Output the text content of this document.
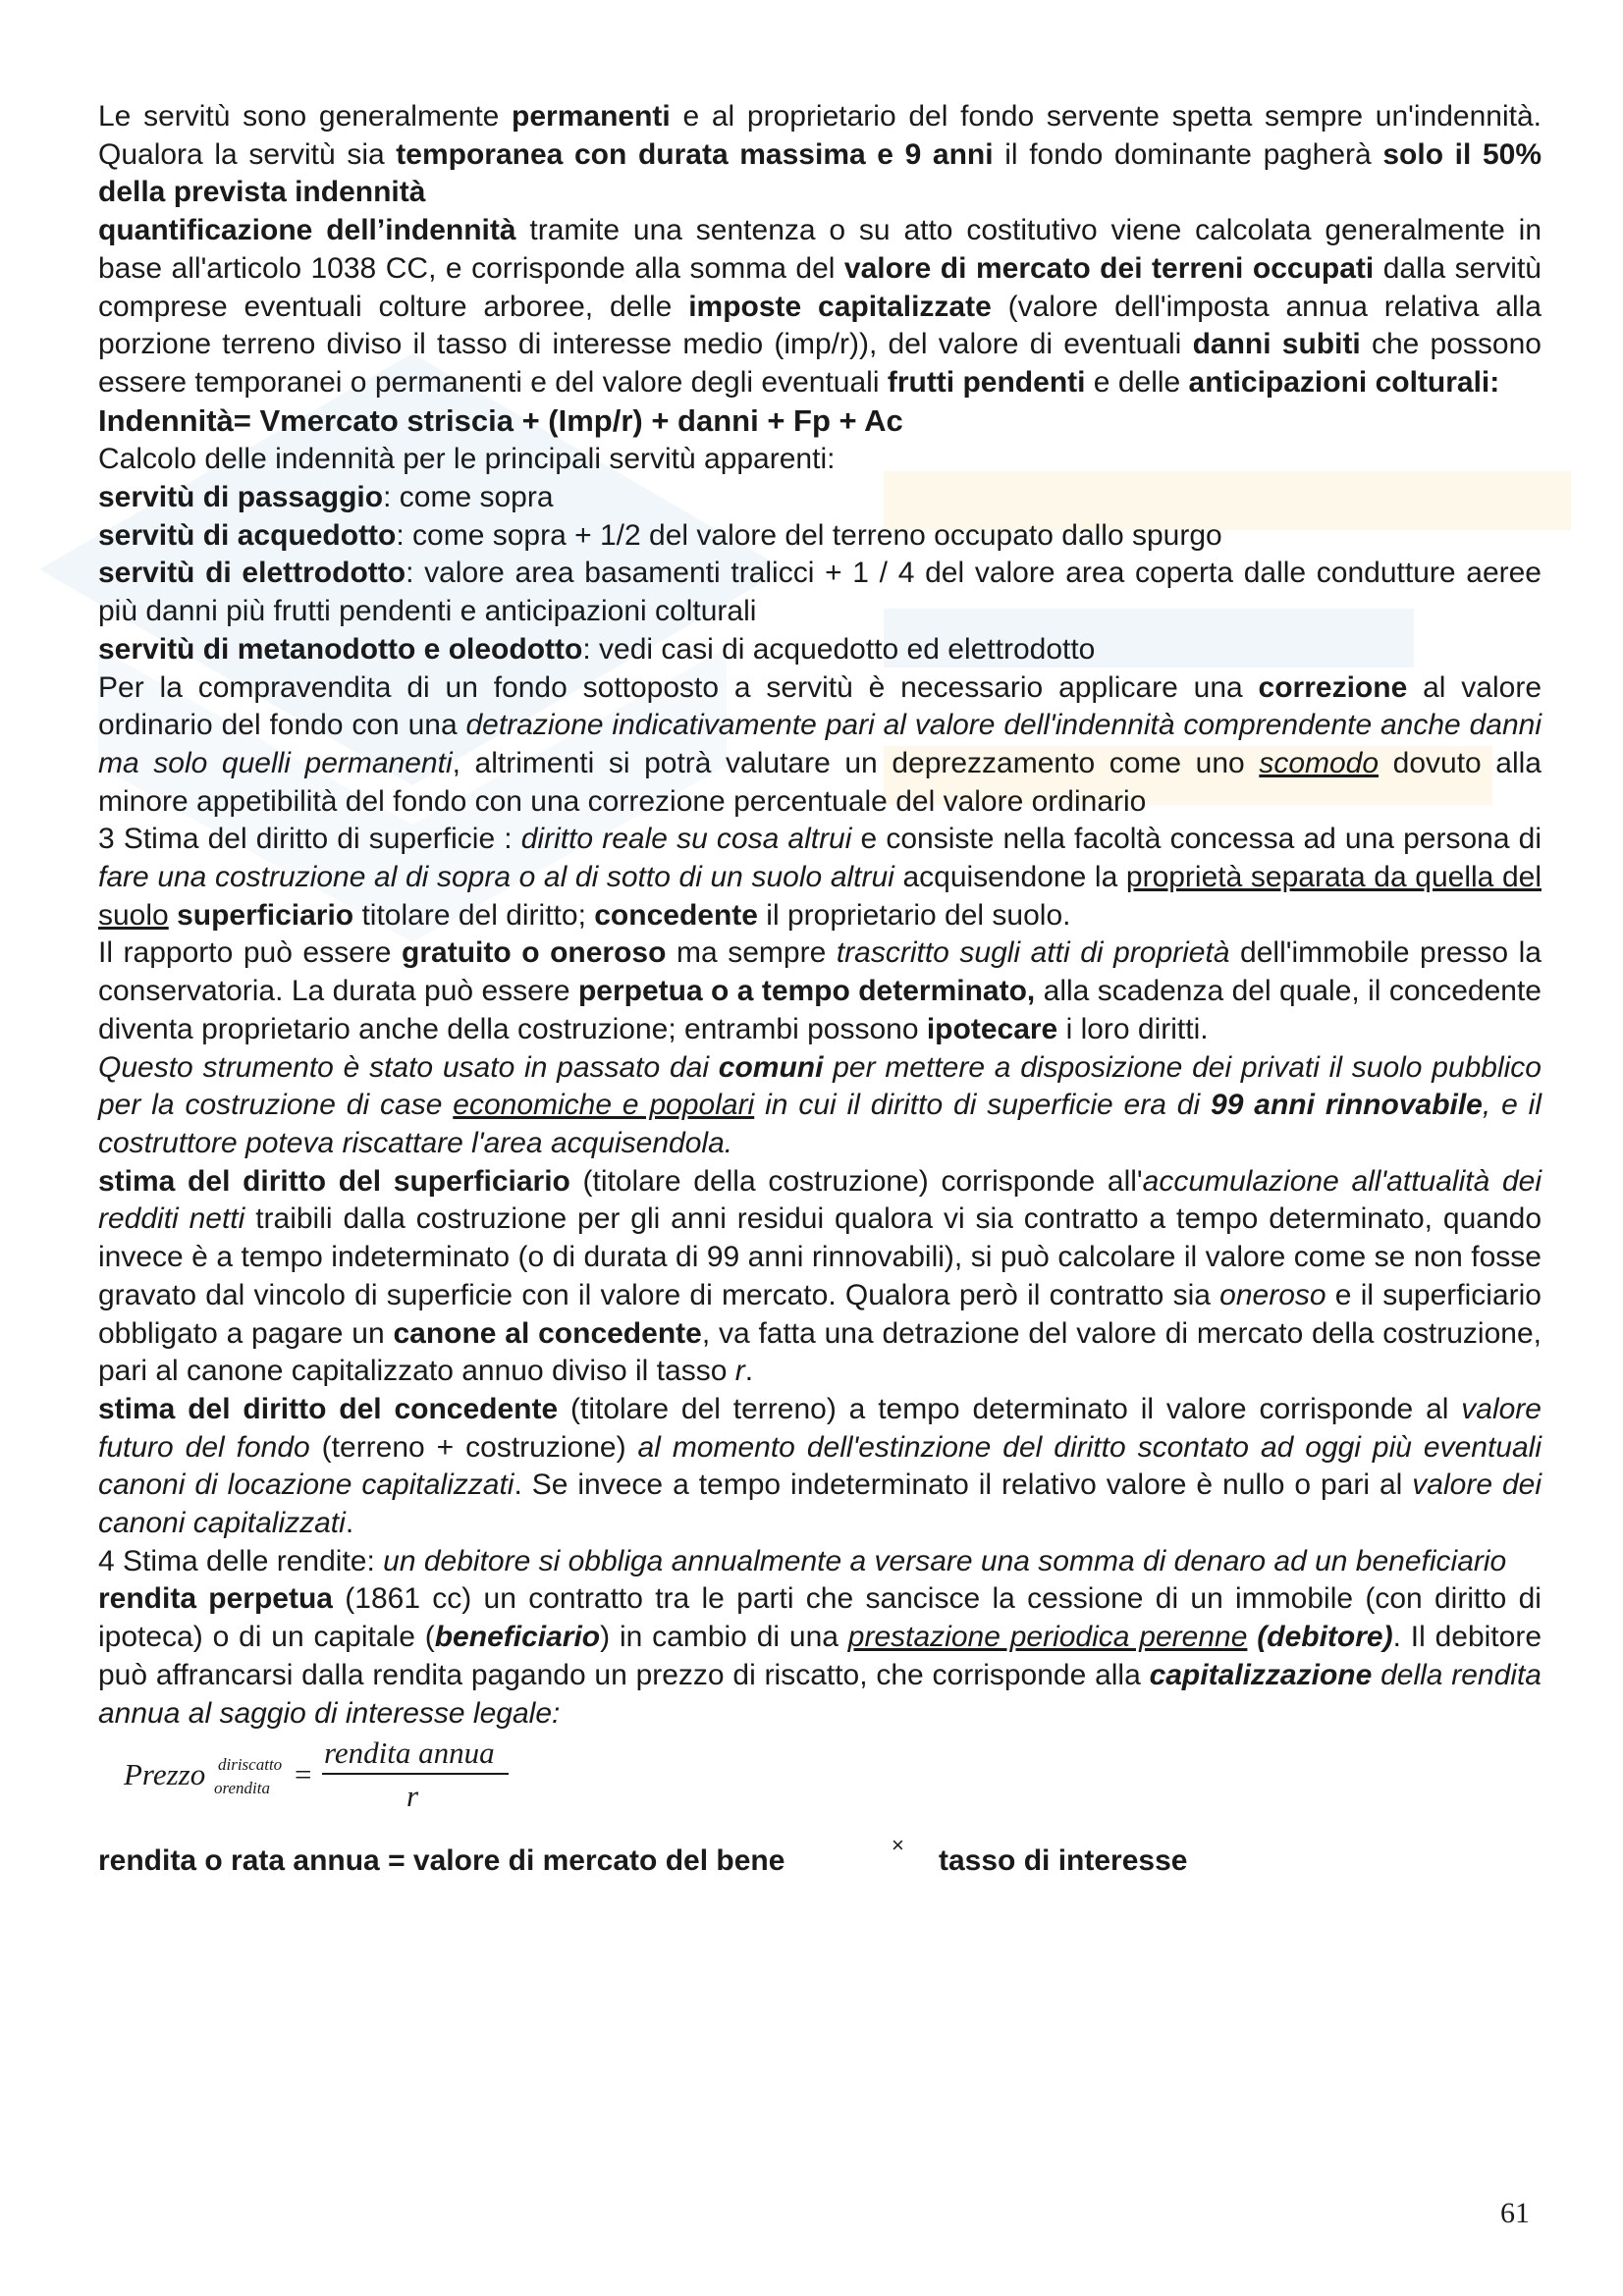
Le servitù sono generalmente permanenti e al proprietario del fondo servente spetta sempre un'indennità. Qualora la servitù sia temporanea con durata massima e 9 anni il fondo dominante pagherà solo il 50% della prevista indennità

quantificazione dell’indennità tramite una sentenza o su atto costitutivo viene calcolata generalmente in base all'articolo 1038 CC, e corrisponde alla somma del valore di mercato dei terreni occupati dalla servitù comprese eventuali colture arboree, delle imposte capitalizzate (valore dell'imposta annua relativa alla porzione terreno diviso il tasso di interesse medio (imp/r)), del valore di eventuali danni subiti che possono essere temporanei o permanenti e del valore degli eventuali frutti pendenti e delle anticipazioni colturali:

Indennità= Vmercato striscia + (Imp/r) + danni + Fp + Ac

Calcolo delle indennità per le principali servitù apparenti:

servitù di passaggio: come sopra

servitù di acquedotto: come sopra + 1/2 del valore del terreno occupato dallo spurgo

servitù di elettrodotto: valore area basamenti tralicci + 1 / 4 del valore area coperta dalle condutture aeree più danni più frutti pendenti e anticipazioni colturali

servitù di metanodotto e oleodotto: vedi casi di acquedotto ed elettrodotto

Per la compravendita di un fondo sottoposto a servitù è necessario applicare una correzione al valore ordinario del fondo con una detrazione indicativamente pari al valore dell'indennità comprendente anche danni ma solo quelli permanenti, altrimenti si potrà valutare un deprezzamento come uno scomodo dovuto alla minore appetibilità del fondo con una correzione percentuale del valore ordinario

3 Stima del diritto di superficie : diritto reale su cosa altrui e consiste nella facoltà concessa ad una persona di fare una costruzione al di sopra o al di sotto di un suolo altrui acquisendone la proprietà separata da quella del suolo superficiario titolare del diritto; concedente il proprietario del suolo.

Il rapporto può essere gratuito o oneroso ma sempre trascritto sugli atti di proprietà dell'immobile presso la conservatoria. La durata può essere perpetua o a tempo determinato, alla scadenza del quale, il concedente diventa proprietario anche della costruzione; entrambi possono ipotecare i loro diritti.

Questo strumento è stato usato in passato dai comuni per mettere a disposizione dei privati il suolo pubblico per la costruzione di case economiche e popolari in cui il diritto di superficie era di 99 anni rinnovabile, e il costruttore poteva riscattare l'area acquisendola.

stima del diritto del superficiario (titolare della costruzione) corrisponde all'accumulazione all'attualità dei redditi netti traibili dalla costruzione per gli anni residui qualora vi sia contratto a tempo determinato, quando invece è a tempo indeterminato (o di durata di 99 anni rinnovabili), si può calcolare il valore come se non fosse gravato dal vincolo di superficie con il valore di mercato. Qualora però il contratto sia oneroso e il superficiario obbligato a pagare un canone al concedente, va fatta una detrazione del valore di mercato della costruzione, pari al canone capitalizzato annuo diviso il tasso r.

stima del diritto del concedente (titolare del terreno) a tempo determinato il valore corrisponde al valore futuro del fondo (terreno + costruzione) al momento dell'estinzione del diritto scontato ad oggi più eventuali canoni di locazione capitalizzati. Se invece a tempo indeterminato il relativo valore è nullo o pari al valore dei canoni capitalizzati.

4 Stima delle rendite: un debitore si obbliga annualmente a versare una somma di denaro ad un beneficiario

rendita perpetua (1861 cc) un contratto tra le parti che sancisce la cessione di un immobile (con diritto di ipoteca) o di un capitale (beneficiario) in cambio di una prestazione periodica perenne (debitore). Il debitore può affrancarsi dalla rendita pagando un prezzo di riscatto, che corrisponde alla capitalizzazione della rendita annua al saggio di interesse legale:

Prezzo diriscatto
orendita =
rendita annua
r
rendita o rata annua = valore di mercato del bene	× tasso di interesse
61
